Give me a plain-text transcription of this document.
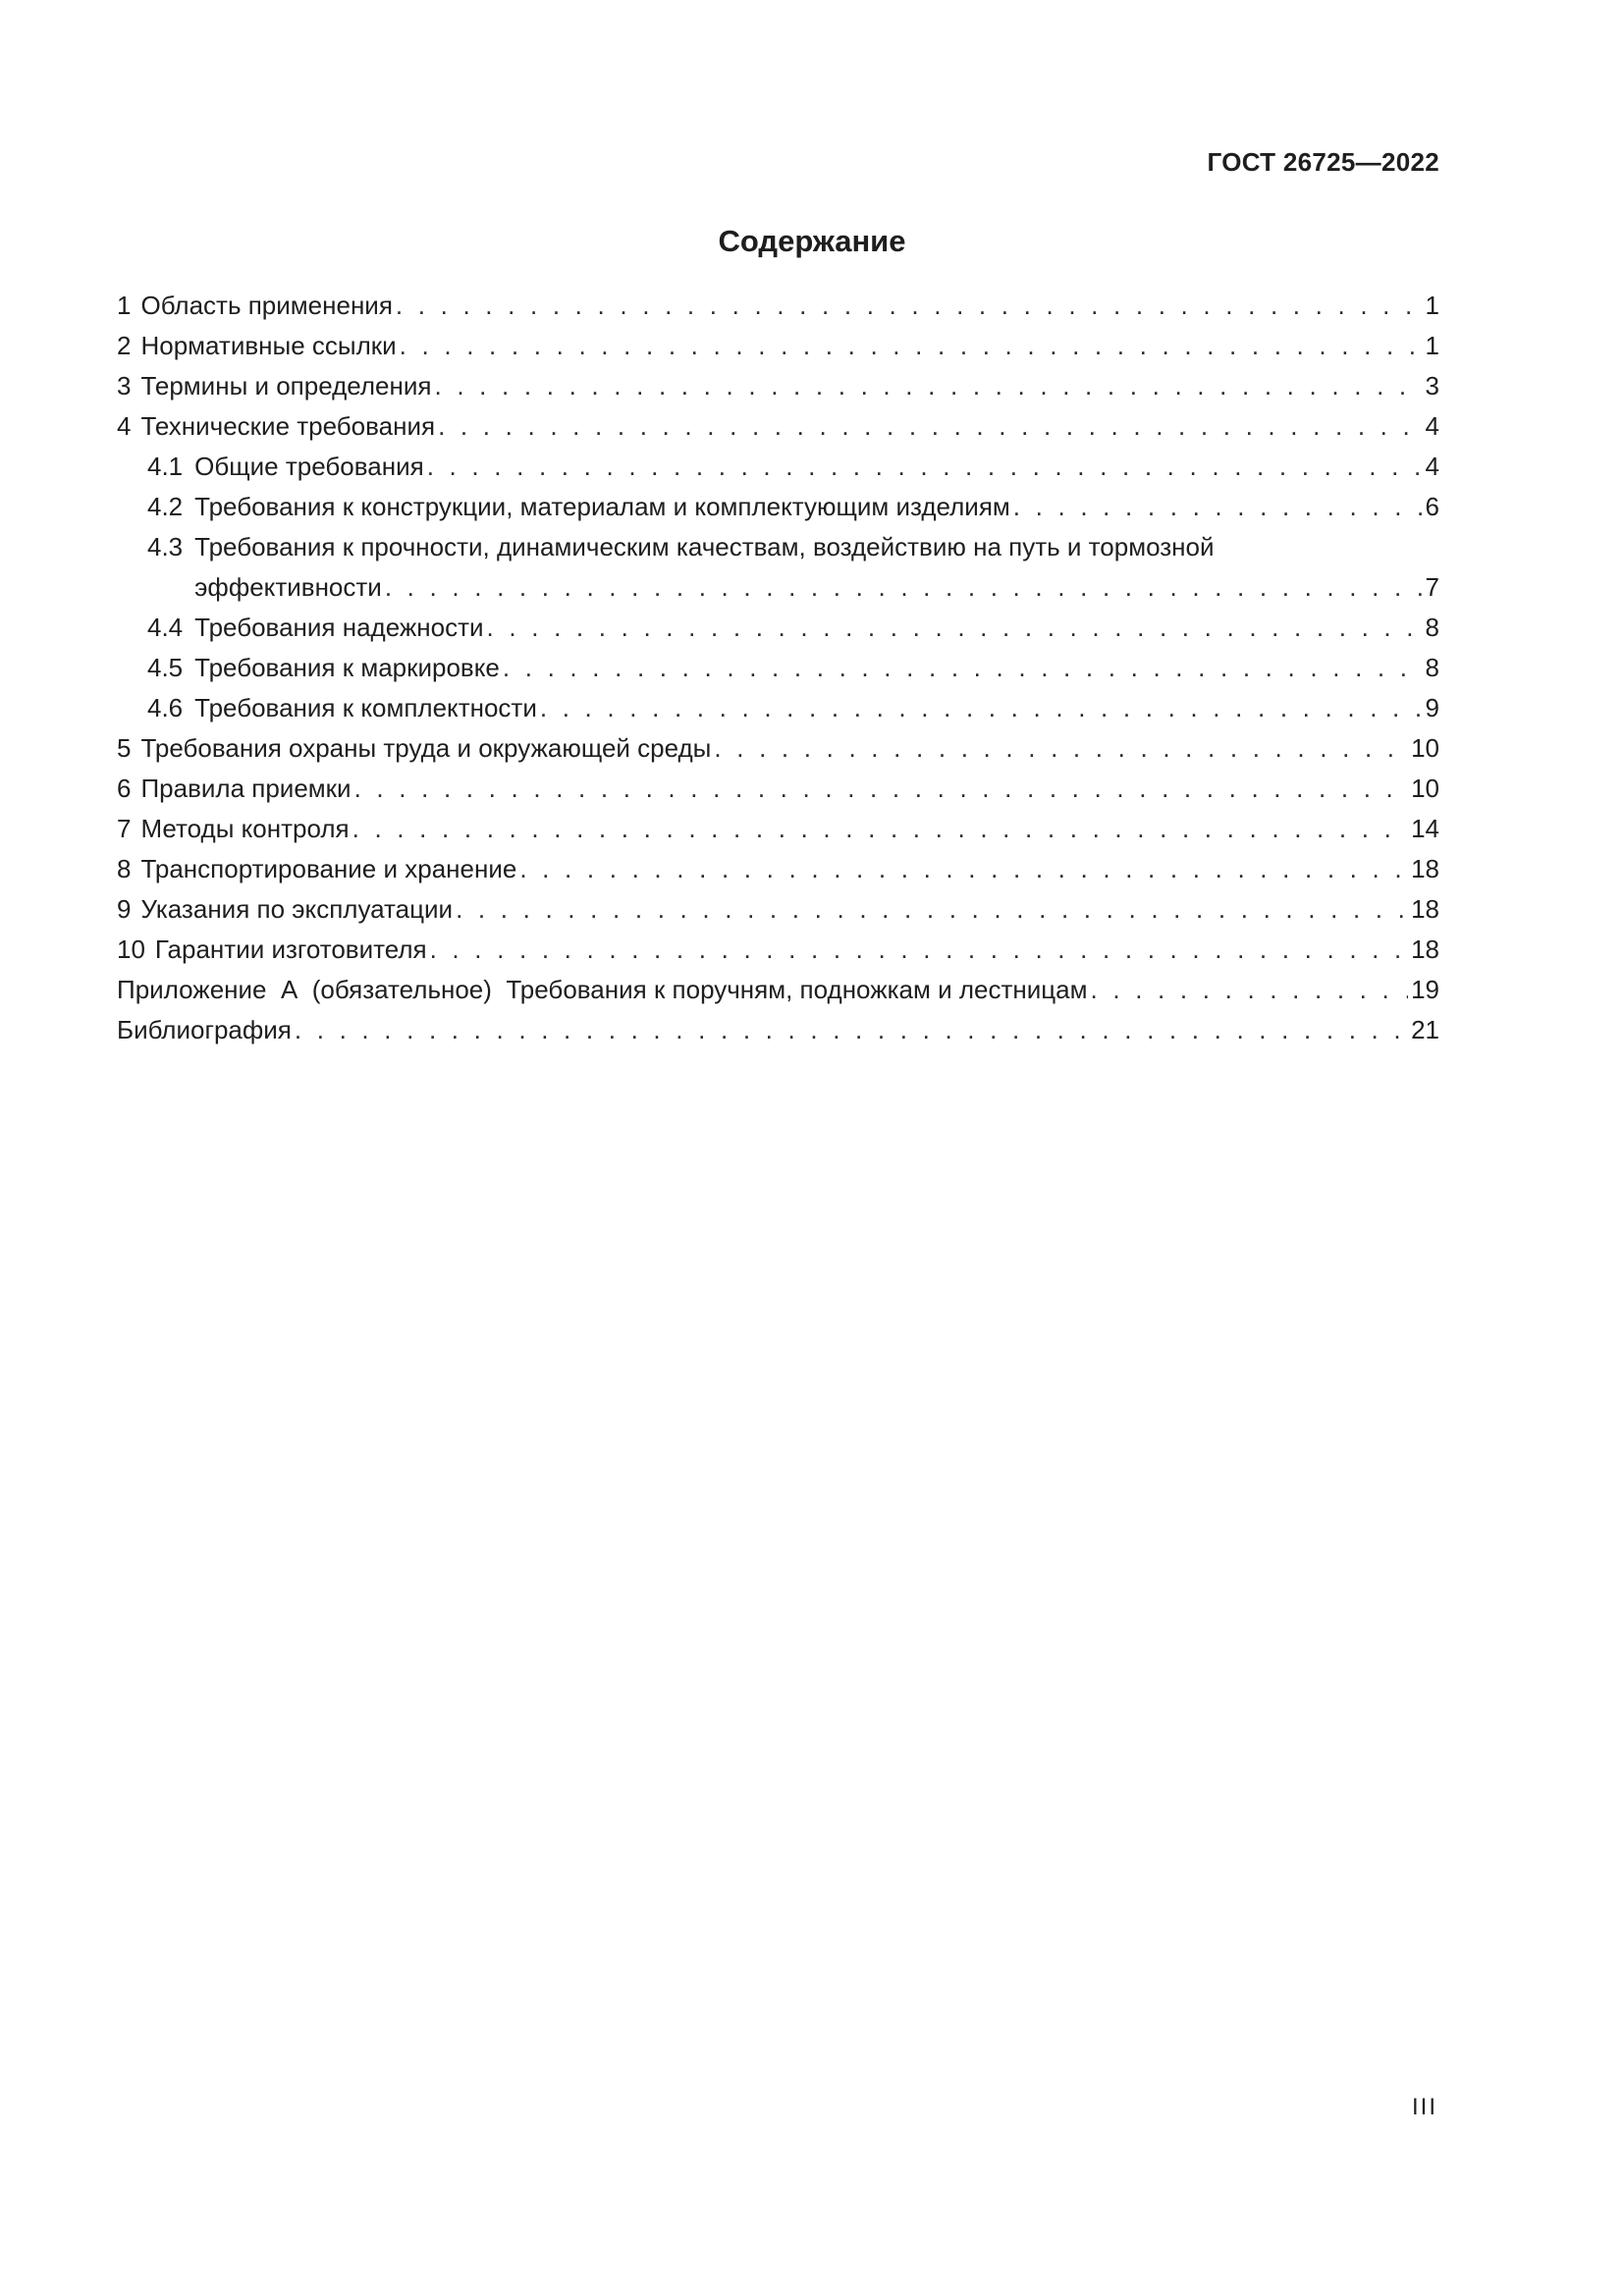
ГОСТ 26725—2022
Содержание
1 Область применения . . .	1
2 Нормативные ссылки . . .	1
3 Термины и определения . . .	3
4 Технические требования . . .	4
4.1 Общие требования . . .	4
4.2 Требования к конструкции, материалам и комплектующим изделиям . . .	6
4.3 Требования к прочности, динамическим качествам, воздействию на путь и тормозной
эффективности . . .	7
4.4 Требования надежности . . .	8
4.5 Требования к маркировке . . .	8
4.6 Требования к комплектности . . .	9
5 Требования охраны труда и окружающей среды . . .	10
6 Правила приемки . . .	10
7 Методы контроля . . .	14
8 Транспортирование и хранение . . .	18
9 Указания по эксплуатации . . .	18
10 Гарантии изготовителя . . .	18
Приложение  А  (обязательное)  Требования к поручням, подножкам и лестницам . . .	19
Библиография . . .	21
III
